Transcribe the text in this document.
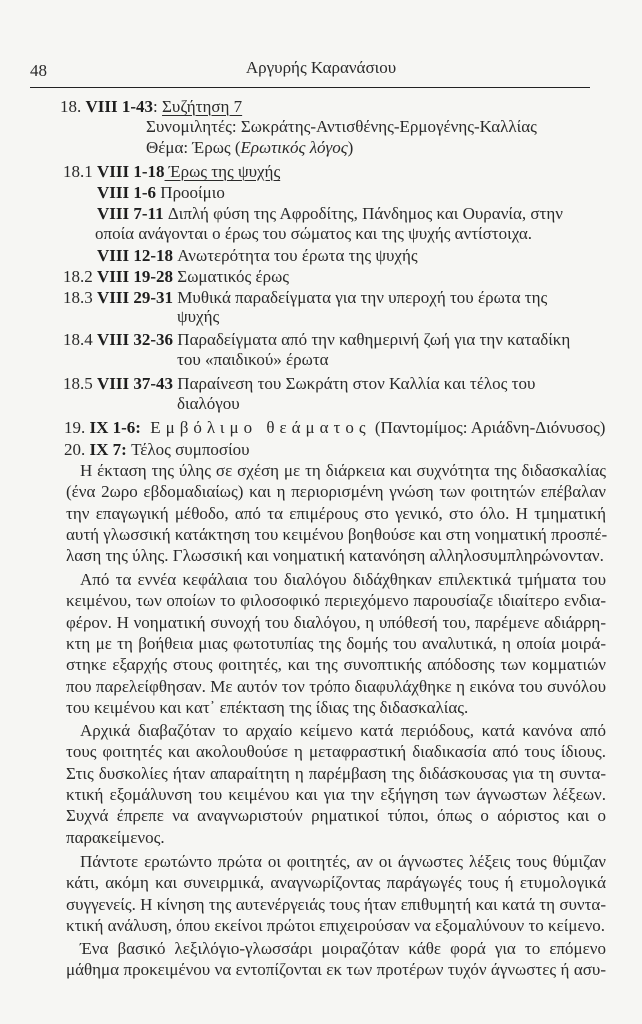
48	Αργυρής Καρανάσιου
18. VIII 1-43: Συζήτηση 7
Συνομιλητές: Σωκράτης-Αντισθένης-Ερμογένης-Καλλίας
Θέμα: Έρως (Ερωτικός λόγος)
18.1 VIII 1-18 Έρως της ψυχής
VIII 1-6 Προοίμιο
VIII 7-11 Διπλή φύση της Αφροδίτης, Πάνδημος και Ουρανία, στην
οποία ανάγονται ο έρως του σώματος και της ψυχής αντίστοιχα.
VIII 12-18 Ανωτερότητα του έρωτα της ψυχής
18.2 VIII 19-28 Σωματικός έρως
18.3 VIII 29-31 Μυθικά παραδείγματα για την υπεροχή του έρωτα της
ψυχής
18.4 VIII 32-36 Παραδείγματα από την καθημερινή ζωή για την καταδίκη
του «παιδικού» έρωτα
18.5 VIII 37-43 Παραίνεση του Σωκράτη στον Καλλία και τέλος του
διαλόγου
19. IX 1-6: Εμβόλιμο θεάματος (Παντομίμος: Αριάδνη-Διόνυσος)
20. IX 7: Τέλος συμποσίου
Η έκταση της ύλης σε σχέση με τη διάρκεια και συχνότητα της διδασκαλίας
(ένα 2ωρο εβδομαδιαίως) και η περιορισμένη γνώση των φοιτητών επέβαλαν
την επαγωγική μέθοδο, από τα επιμέρους στο γενικό, στο όλο. Η τμηματική
αυτή γλωσσική κατάκτηση του κειμένου βοηθούσε και στη νοηματική προσπέ-
λαση της ύλης. Γλωσσική και νοηματική κατανόηση αλληλοσυμπληρώνονταν.
Από τα εννέα κεφάλαια του διαλόγου διδάχθηκαν επιλεκτικά τμήματα του
κειμένου, των οποίων το φιλοσοφικό περιεχόμενο παρουσίαζε ιδιαίτερο ενδια-
φέρον. Η νοηματική συνοχή του διαλόγου, η υπόθεσή του, παρέμενε αδιάρρη-
κτη με τη βοήθεια μιας φωτοτυπίας της δομής του αναλυτικά, η οποία μοιρά-
στηκε εξαρχής στους φοιτητές, και της συνοπτικής απόδοσης των κομματιών
που παρελείφθησαν. Με αυτόν τον τρόπο διαφυλάχθηκε η εικόνα του συνόλου
του κειμένου και κατ᾽ επέκταση της ίδιας της διδασκαλίας.
Αρχικά διαβαζόταν το αρχαίο κείμενο κατά περιόδους, κατά κανόνα από
τους φοιτητές και ακολουθούσε η μεταφραστική διαδικασία από τους ίδιους.
Στις δυσκολίες ήταν απαραίτητη η παρέμβαση της διδάσκουσας για τη συντα-
κτική εξομάλυνση του κειμένου και για την εξήγηση των άγνωστων λέξεων.
Συχνά έπρεπε να αναγνωριστούν ρηματικοί τύποι, όπως ο αόριστος και ο
παρακείμενος.
Πάντοτε ερωτώντο πρώτα οι φοιτητές, αν οι άγνωστες λέξεις τους θύμιζαν
κάτι, ακόμη και συνειρμικά, αναγνωρίζοντας παράγωγές τους ή ετυμολογικά
συγγενείς. Η κίνηση της αυτενέργειάς τους ήταν επιθυμητή και κατά τη συντα-
κτική ανάλυση, όπου εκείνοι πρώτοι επιχειρούσαν να εξομαλύνουν το κείμενο.
Ένα βασικό λεξιλόγιο-γλωσσάρι μοιραζόταν κάθε φορά για το επόμενο
μάθημα προκειμένου να εντοπίζονται εκ των προτέρων τυχόν άγνωστες ή ασυ-
